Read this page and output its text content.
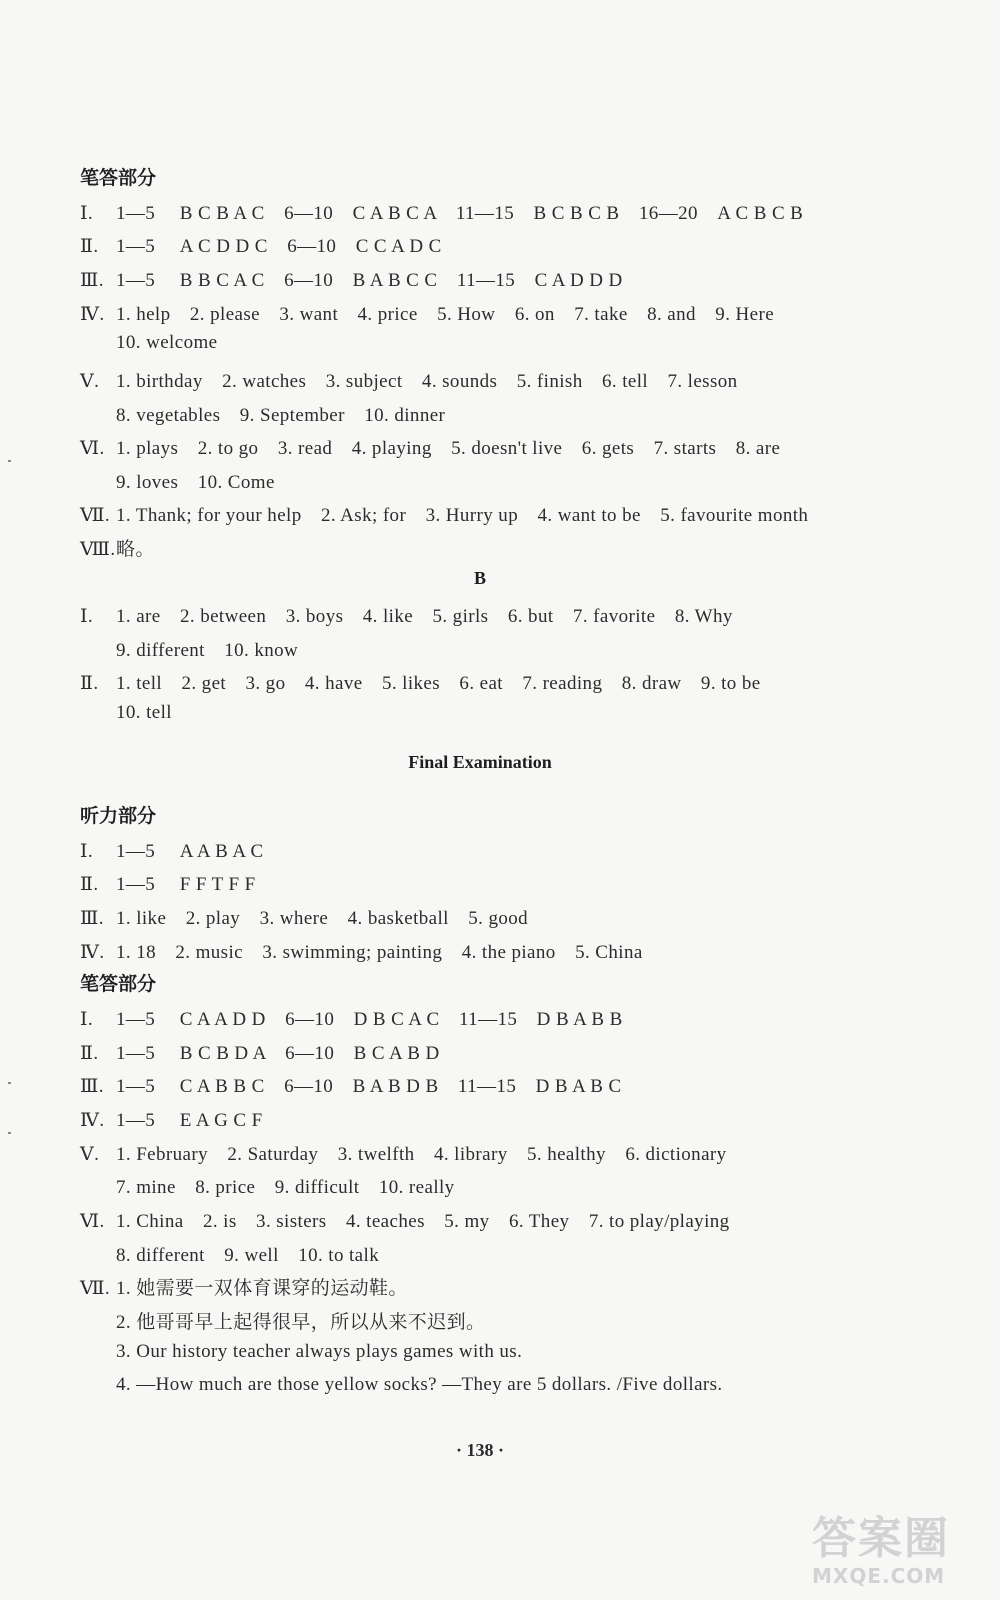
笔答部分
Ⅰ. 1—5 　B C B A C　6—10　C A B C A　11—15　B C B C B　16—20　A C B C B
Ⅱ. 1—5 　A C D D C　6—10　C C A D C
Ⅲ. 1—5 　B B C A C　6—10　B A B C C　11—15　C A D D D
Ⅳ. 1. help　2. please　3. want　4. price　5. How　6. on　7. take　8. and　9. Here
10. welcome
Ⅴ. 1. birthday　2. watches　3. subject　4. sounds　5. finish　6. tell　7. lesson
8. vegetables　9. September　10. dinner
Ⅵ. 1. plays　2. to go　3. read　4. playing　5. doesn't live　6. gets　7. starts　8. are
9. loves　10. Come
Ⅶ. 1. Thank; for your help　2. Ask; for　3. Hurry up　4. want to be　5. favourite month
Ⅷ.略。
B
Ⅰ. 1. are　2. between　3. boys　4. like　5. girls　6. but　7. favorite　8. Why
9. different　10. know
Ⅱ. 1. tell　2. get　3. go　4. have　5. likes　6. eat　7. reading　8. draw　9. to be
10. tell
Final Examination
听力部分
Ⅰ. 1—5 　A A B A C
Ⅱ. 1—5 　F F T F F
Ⅲ. 1. like　2. play　3. where　4. basketball　5. good
Ⅳ. 1. 18　2. music　3. swimming; painting　4. the piano　5. China
笔答部分
Ⅰ. 1—5 　C A A D D　6—10　D B C A C　11—15　D B A B B
Ⅱ. 1—5 　B C B D A　6—10　B C A B D
Ⅲ. 1—5 　C A B B C　6—10　B A B D B　11—15　D B A B C
Ⅳ. 1—5 　E A G C F
Ⅴ. 1. February　2. Saturday　3. twelfth　4. library　5. healthy　6. dictionary
7. mine　8. price　9. difficult　10. really
Ⅵ. 1. China　2. is　3. sisters　4. teaches　5. my　6. They　7. to play/playing
8. different　9. well　10. to talk
Ⅶ. 1. 她需要一双体育课穿的运动鞋。
2. 他哥哥早上起得很早，所以从来不迟到。
3. Our history teacher always plays games with us.
4. —How much are those yellow socks? —They are 5 dollars. /Five dollars.
· 138 ·
答案圈
MXQE.COM
